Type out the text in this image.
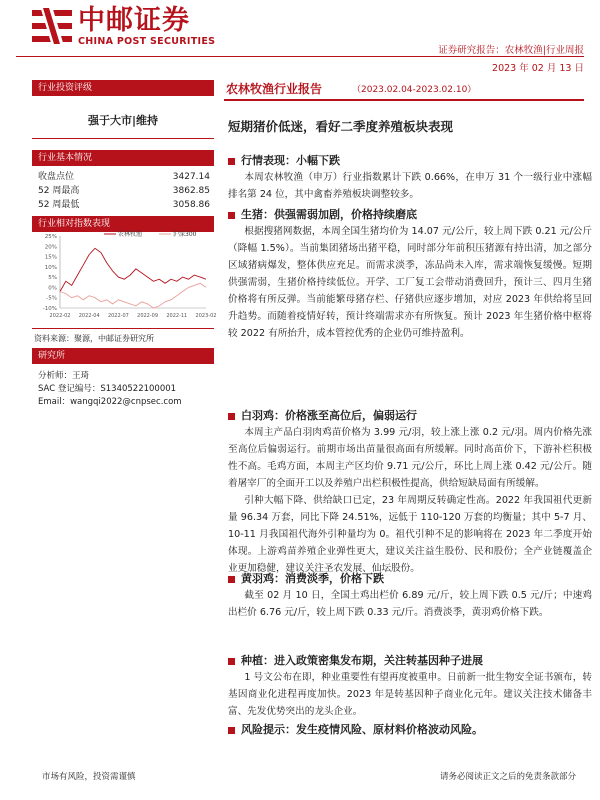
中邮证券
CHINA POST SECURITIES
证券研究报告：农林牧渔|行业周报
2023 年 02 月 13 日
行业投资评级
强于大市|维持
行业基本情况
收盘点位	3427.14
52 周最高	3862.85
52 周最低	3058.86
行业相对指数表现
-10%
-5%
0%
5%
10%
15%
20%
25%
2022-02 2022-04 2022-07 2022-09 2022-11 2023-02
农林牧渔	沪深300
资料来源：聚源，中邮证券研究所
研究所
分析师：王琦
SAC 登记编号：S1340522100001
Email：wangqi2022@cnpsec.com
农林牧渔行业报告	（2023.02.04-2023.02.10）
短期猪价低迷，看好二季度养殖板块表现
行情表现：小幅下跌

本周农林牧渔（申万）行业指数累计下跌 0.66%，在申万 31 个一级行业中涨幅排名第 24 位，其中禽畜养殖板块调整较多。

生猪：供强需弱加剧，价格持续磨底

根据搜猪网数据，本周全国生猪均价为 14.07 元/公斤，较上周下跌 0.21 元/公斤（降幅 1.5%）。当前集团猪场出猪平稳，同时部分年前积压猪源有持出清，加之部分区域猪病爆发，整体供应充足。而需求淡季，冻品尚未入库，需求端恢复缓慢。短期供强需弱，生猪价格持续低位。开学、工厂复工会带动消费回升，预计三、四月生猪价格将有所反弹。当前能繁母猪存栏、仔猪供应逐步增加，对应 2023 年供给将呈回升趋势。而随着疫情好转，预计终端需求亦有所恢复。预计 2023 年生猪价格中枢将较 2022 有所抬升，成本管控优秀的企业仍可维持盈利。

白羽鸡：价格涨至高位后，偏弱运行

本周主产品白羽肉鸡苗价格为 3.99 元/羽，较上涨上涨 0.2 元/羽。周内价格先涨至高位后偏弱运行。前期市场出苗量很高面有所缓解。同时高苗价下，下游补栏积极性不高。毛鸡方面，本周主产区均价 9.71 元/公斤，环比上周上涨 0.42 元/公斤。随着屠宰厂的全面开工以及养殖户出栏积极性提高，供给短缺局面有所缓解。

引种大幅下降、供给缺口已定，23 年周期反转确定性高。2022 年我国祖代更新量 96.34 万套，同比下降 24.51%，远低于 110-120 万套的均衡量；其中 5-7 月、10-11 月我国祖代海外引种量均为 0。祖代引种不足的影响将在 2023 年二季度开始体现。上游鸡苗养殖企业弹性更大，建议关注益生股份、民和股份；全产业链覆盖企业更加稳健，建议关注圣农发展、仙坛股份。

黄羽鸡：消费淡季，价格下跌

截至 02 月 10 日，全国土鸡出栏价 6.89 元/斤，较上周下跌 0.5 元/斤；中速鸡出栏价 6.76 元/斤，较上周下跌 0.33 元/斤。消费淡季，黄羽鸡价格下跌。

种植：进入政策密集发布期，关注转基因种子进展

1 号文公布在即，种业重要性有望再度被重申。日前新一批生物安全证书颁布，转基因商业化进程再度加快。2023 年是转基因种子商业化元年。建议关注技术储备丰富、先发优势突出的龙头企业。

风险提示：发生疫情风险、原材料价格波动风险。
市场有风险，投资需谨慎	请务必阅读正文之后的免责条款部分
